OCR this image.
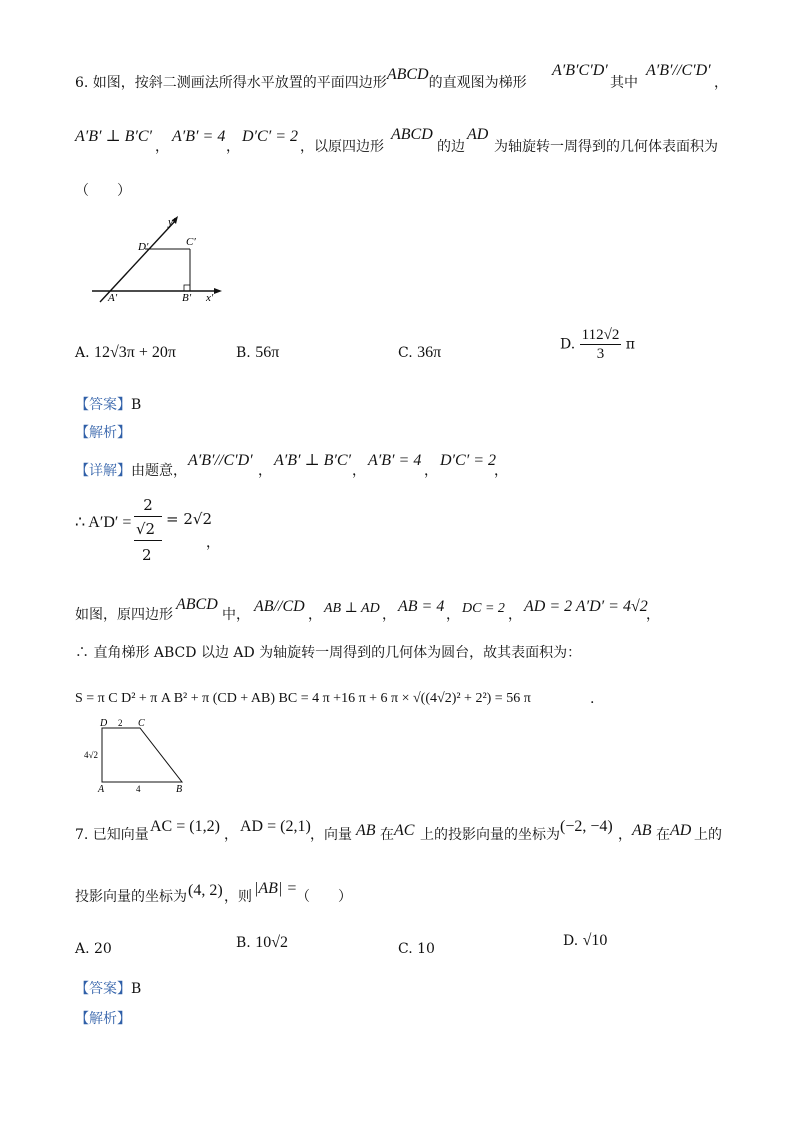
6. 如图，按斜二测画法所得水平放置的平面四边形ABCD的直观图为梯形
A′B′C′D′
其中
A′B′//C′D′
，
A′B′ ⊥ B′C′
，
A′B′ = 4
，
D′C′ = 2
，以原四边形
ABCD
的边
AD
为轴旋转一周得到的几何体表面积为
（　　）
y′
D′	C′
A′	B′ x′
A. 12√3π + 20π	B. 56π	C. 36π	D. $\frac{112√2}{3}$ π
【答案】B
【解析】
【详解】由题意，
A′B′//C′D′
，
A′B′ ⊥ B′C′
，
A′B′ = 4
，
D′C′ = 2
，
∴ A′D′ =
2
√2
2
= 2√2
，
如图，原四边形
ABCD
中， AB//CD ， AB ⊥ AD ， AB = 4 ， DC = 2 ， AD = 2 A′D′ = 4√2
，
∴ 直角梯形 ABCD 以边 AD 为轴旋转一周得到的几何体为圆台，故其表面积为：
S = π C D² + π A B² + π (CD + AB) BC = 4 π +16 π + 6 π × √((4√2)² + 2²) = 56 π	.
D	C
A	B
2
4√2
4
7. 已知向量 AC = (1,2) ， AD = (2,1) ，向量 AB 在 AC 上的投影向量的坐标为 (−2, −4) ， AB 在 AD 上的
投影向量的坐标为 (4, 2) ，则 |AB| =
（　　）
A. 20	B. 10√2	C. 10	D. √10
【答案】B
【解析】
